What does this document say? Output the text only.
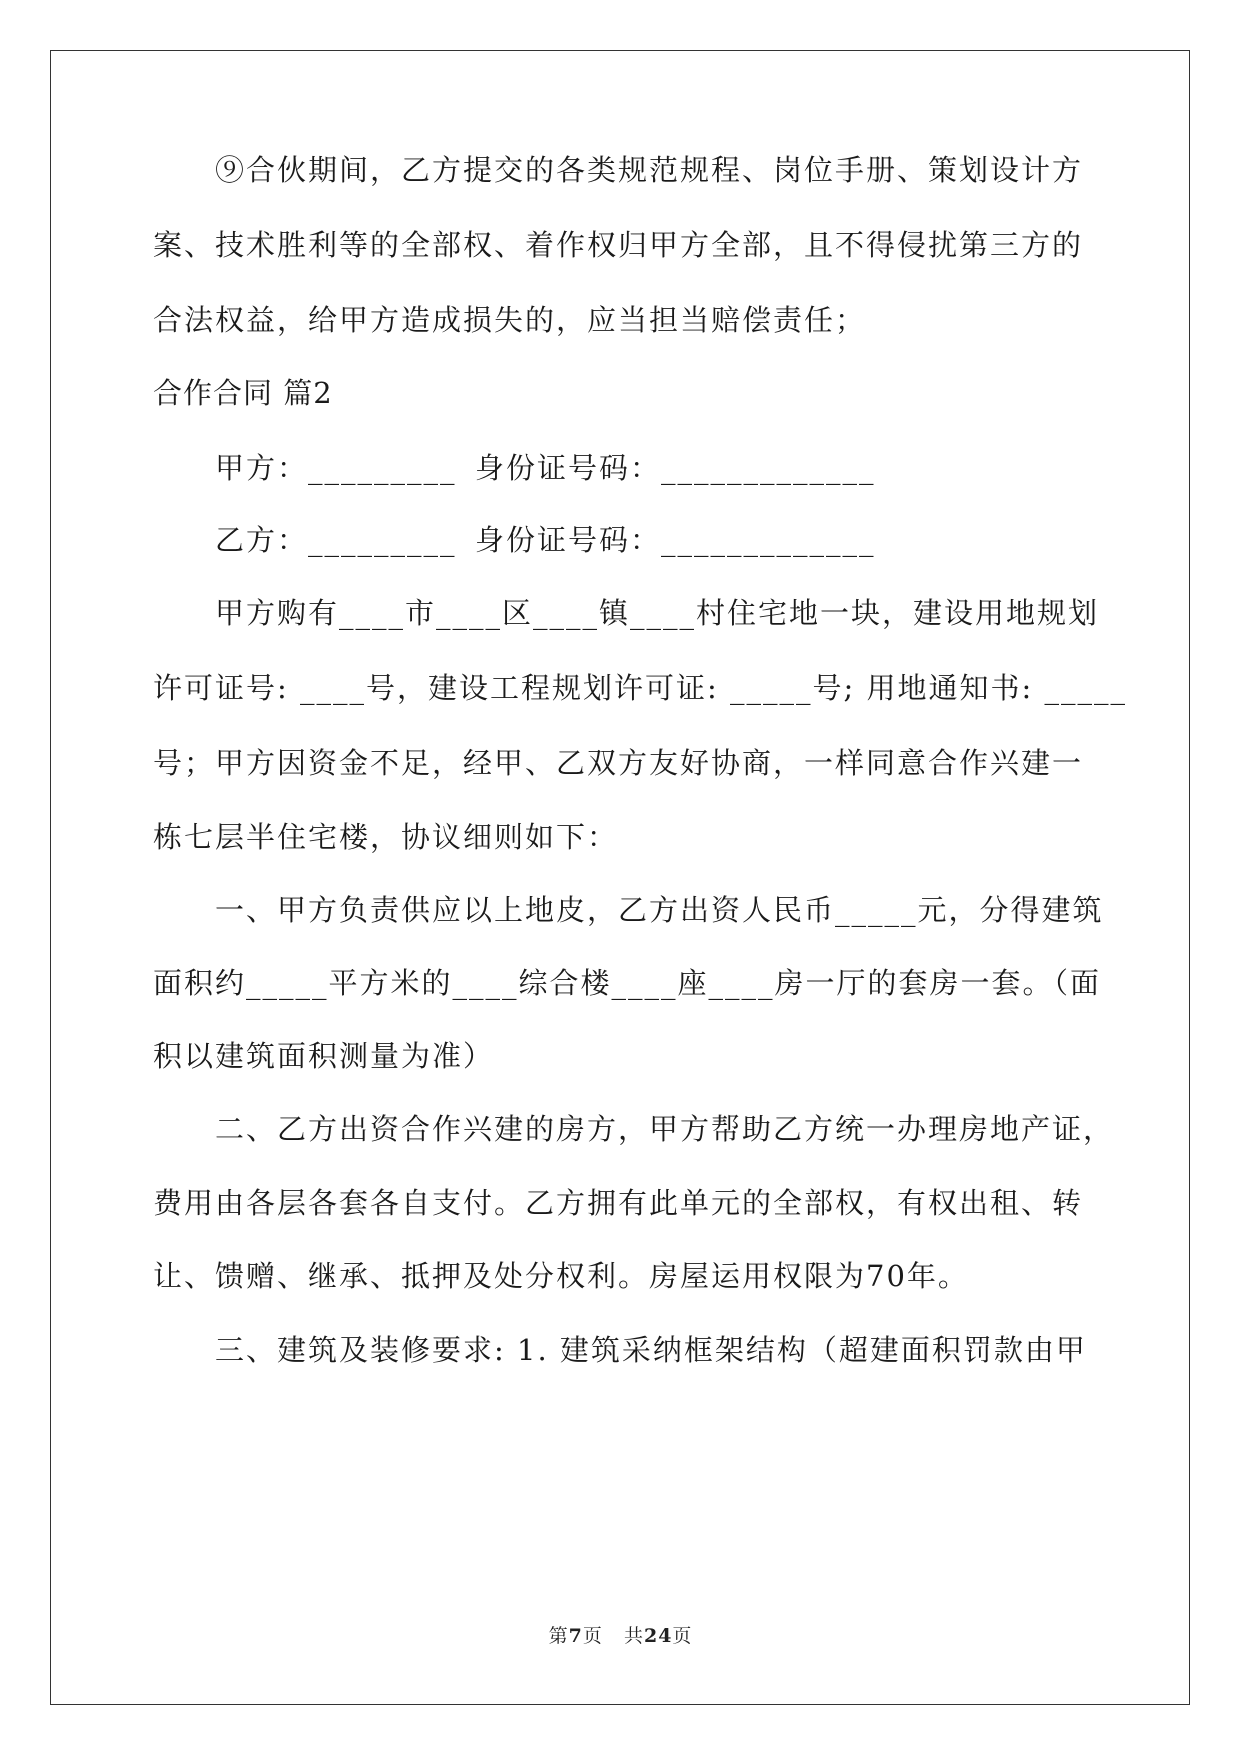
⑨合伙期间，乙方提交的各类规范规程、岗位手册、策划设计方
案、技术胜利等的全部权、着作权归甲方全部，且不得侵扰第三方的
合法权益，给甲方造成损失的，应当担当赔偿责任；
合作合同 篇2
甲方：_________ 身份证号码：_____________
乙方：_________ 身份证号码：_____________
甲方购有____市____区____镇____村住宅地一块，建设用地规划
许可证号: ____号，建设工程规划许可证: _____号; 用地通知书: _____
号；甲方因资金不足，经甲、乙双方友好协商，一样同意合作兴建一
栋七层半住宅楼，协议细则如下：
一、甲方负责供应以上地皮，乙方出资人民币_____元，分得建筑
面积约_____平方米的____综合楼____座____房一厅的套房一套。（面
积以建筑面积测量为准）
二、乙方出资合作兴建的房方，甲方帮助乙方统一办理房地产证，
费用由各层各套各自支付。乙方拥有此单元的全部权，有权出租、转
让、馈赠、继承、抵押及处分权利。房屋运用权限为70年。
三、建筑及装修要求: 1. 建筑采纳框架结构（超建面积罚款由甲
第7页 共24页
